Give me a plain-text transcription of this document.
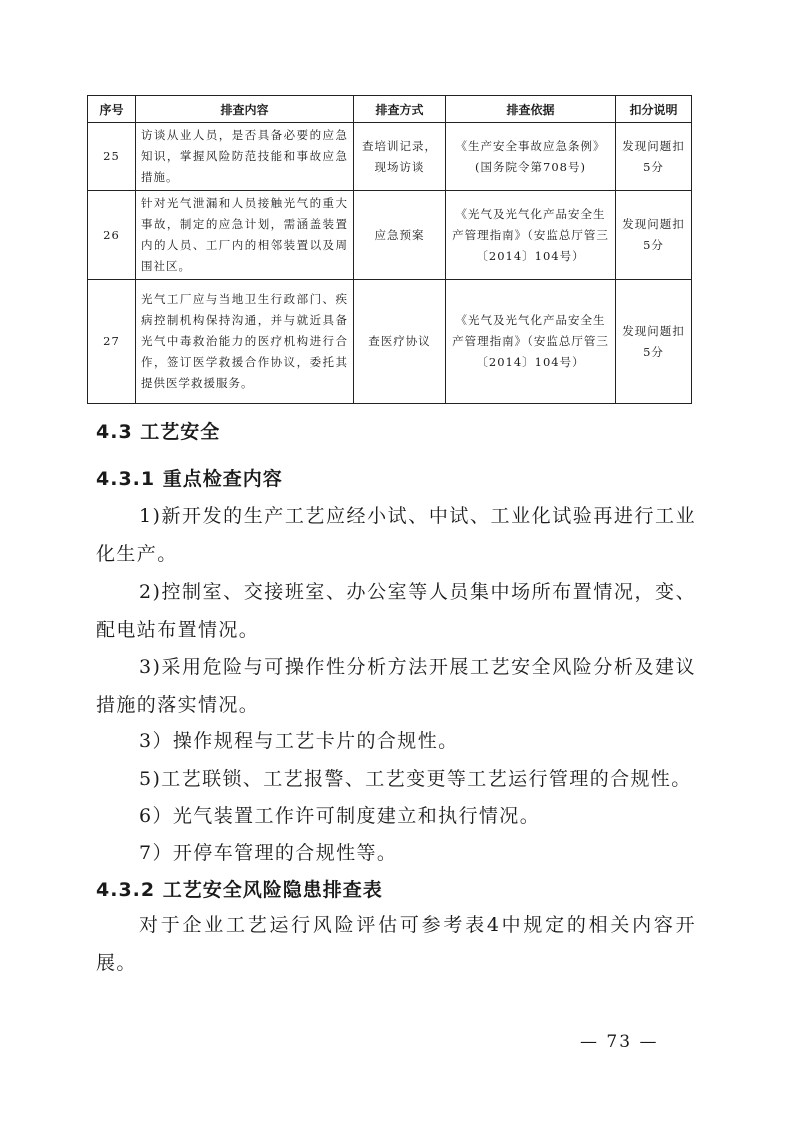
序号	排查内容	排查方式	排查依据	扣分说明
25	访谈从业人员，是否具备必要的应急知识，掌握风险防范技能和事故应急措施。	查培训记录，现场访谈	《生产安全事故应急条例》(国务院令第708号)	发现问题扣5分
26	针对光气泄漏和人员接触光气的重大事故，制定的应急计划，需涵盖装置内的人员、工厂内的相邻装置以及周围社区。	应急预案	《光气及光气化产品安全生产管理指南》（安监总厅管三〔2014〕104号）	发现问题扣5分
27	光气工厂应与当地卫生行政部门、疾病控制机构保持沟通，并与就近具备光气中毒救治能力的医疗机构进行合作，签订医学救援合作协议，委托其提供医学救援服务。	查医疗协议	《光气及光气化产品安全生产管理指南》（安监总厅管三〔2014〕104号）	发现问题扣5分
4.3 工艺安全
4.3.1 重点检查内容
1)新开发的生产工艺应经小试、中试、工业化试验再进行工业化生产。
2)控制室、交接班室、办公室等人员集中场所布置情况，变、配电站布置情况。
3)采用危险与可操作性分析方法开展工艺安全风险分析及建议措施的落实情况。
3）操作规程与工艺卡片的合规性。
5)工艺联锁、工艺报警、工艺变更等工艺运行管理的合规性。
6）光气装置工作许可制度建立和执行情况。
7）开停车管理的合规性等。
4.3.2 工艺安全风险隐患排查表
对于企业工艺运行风险评估可参考表4中规定的相关内容开展。
— 73 —
